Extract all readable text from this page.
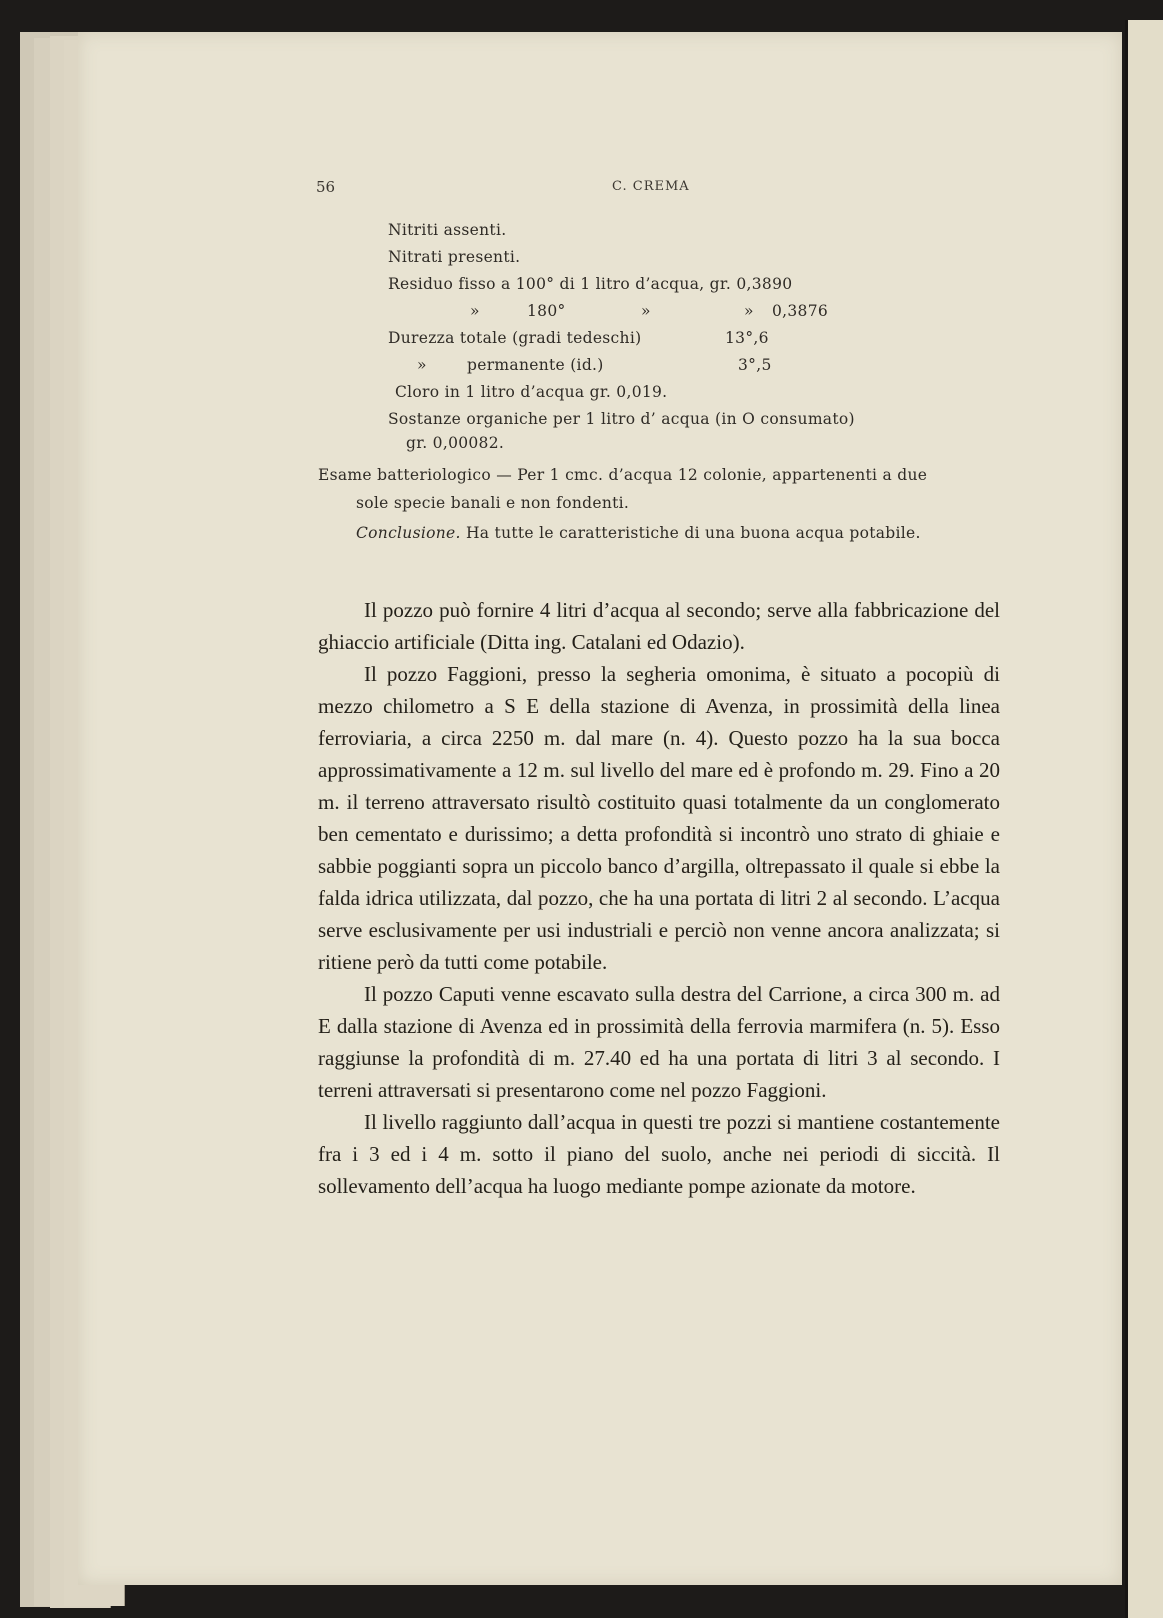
56	C. CREMA
Nitriti assenti.
Nitrati presenti.
Residuo fisso a 100° di 1 litro d’acqua, gr. 0,3890
»	180°	»	» 0,3876
Durezza totale (gradi tedeschi)	13°,6
»	permanente (id.)	3°,5
Cloro in 1 litro d’acqua gr. 0,019.
Sostanze organiche per 1 litro d’ acqua (in O consumato)
gr. 0,00082.
Esame batteriologico — Per 1 cmc. d’acqua 12 colonie, appartenenti a due
sole specie banali e non fondenti.
Conclusione. Ha tutte le caratteristiche di una buona acqua potabile.

Il pozzo può fornire 4 litri d’acqua al secondo; serve alla fabbricazione del ghiaccio artificiale (Ditta ing. Catalani ed Odazio).

Il pozzo Faggioni, presso la segheria omonima, è situato a pocopiù di mezzo chilometro a S E della stazione di Avenza, in prossimità della linea ferroviaria, a circa 2250 m. dal mare (n. 4). Questo pozzo ha la sua bocca approssimativamente a 12 m. sul livello del mare ed è profondo m. 29. Fino a 20 m. il terreno attraversato risultò costituito quasi totalmente da un conglomerato ben cementato e durissimo; a detta profondità si incontrò uno strato di ghiaie e sabbie poggianti sopra un piccolo banco d’argilla, oltrepassato il quale si ebbe la falda idrica utilizzata, dal pozzo, che ha una portata di litri 2 al secondo. L’acqua serve esclusivamente per usi industriali e perciò non venne ancora analizzata; si ritiene però da tutti come potabile.

Il pozzo Caputi venne escavato sulla destra del Carrione, a circa 300 m. ad E dalla stazione di Avenza ed in prossimità della ferrovia marmifera (n. 5). Esso raggiunse la profondità di m. 27.40 ed ha una portata di litri 3 al secondo. I terreni attraversati si presentarono come nel pozzo Faggioni.

Il livello raggiunto dall’acqua in questi tre pozzi si mantiene costantemente fra i 3 ed i 4 m. sotto il piano del suolo, anche nei periodi di siccità. Il sollevamento dell’acqua ha luogo mediante pompe azionate da motore.
